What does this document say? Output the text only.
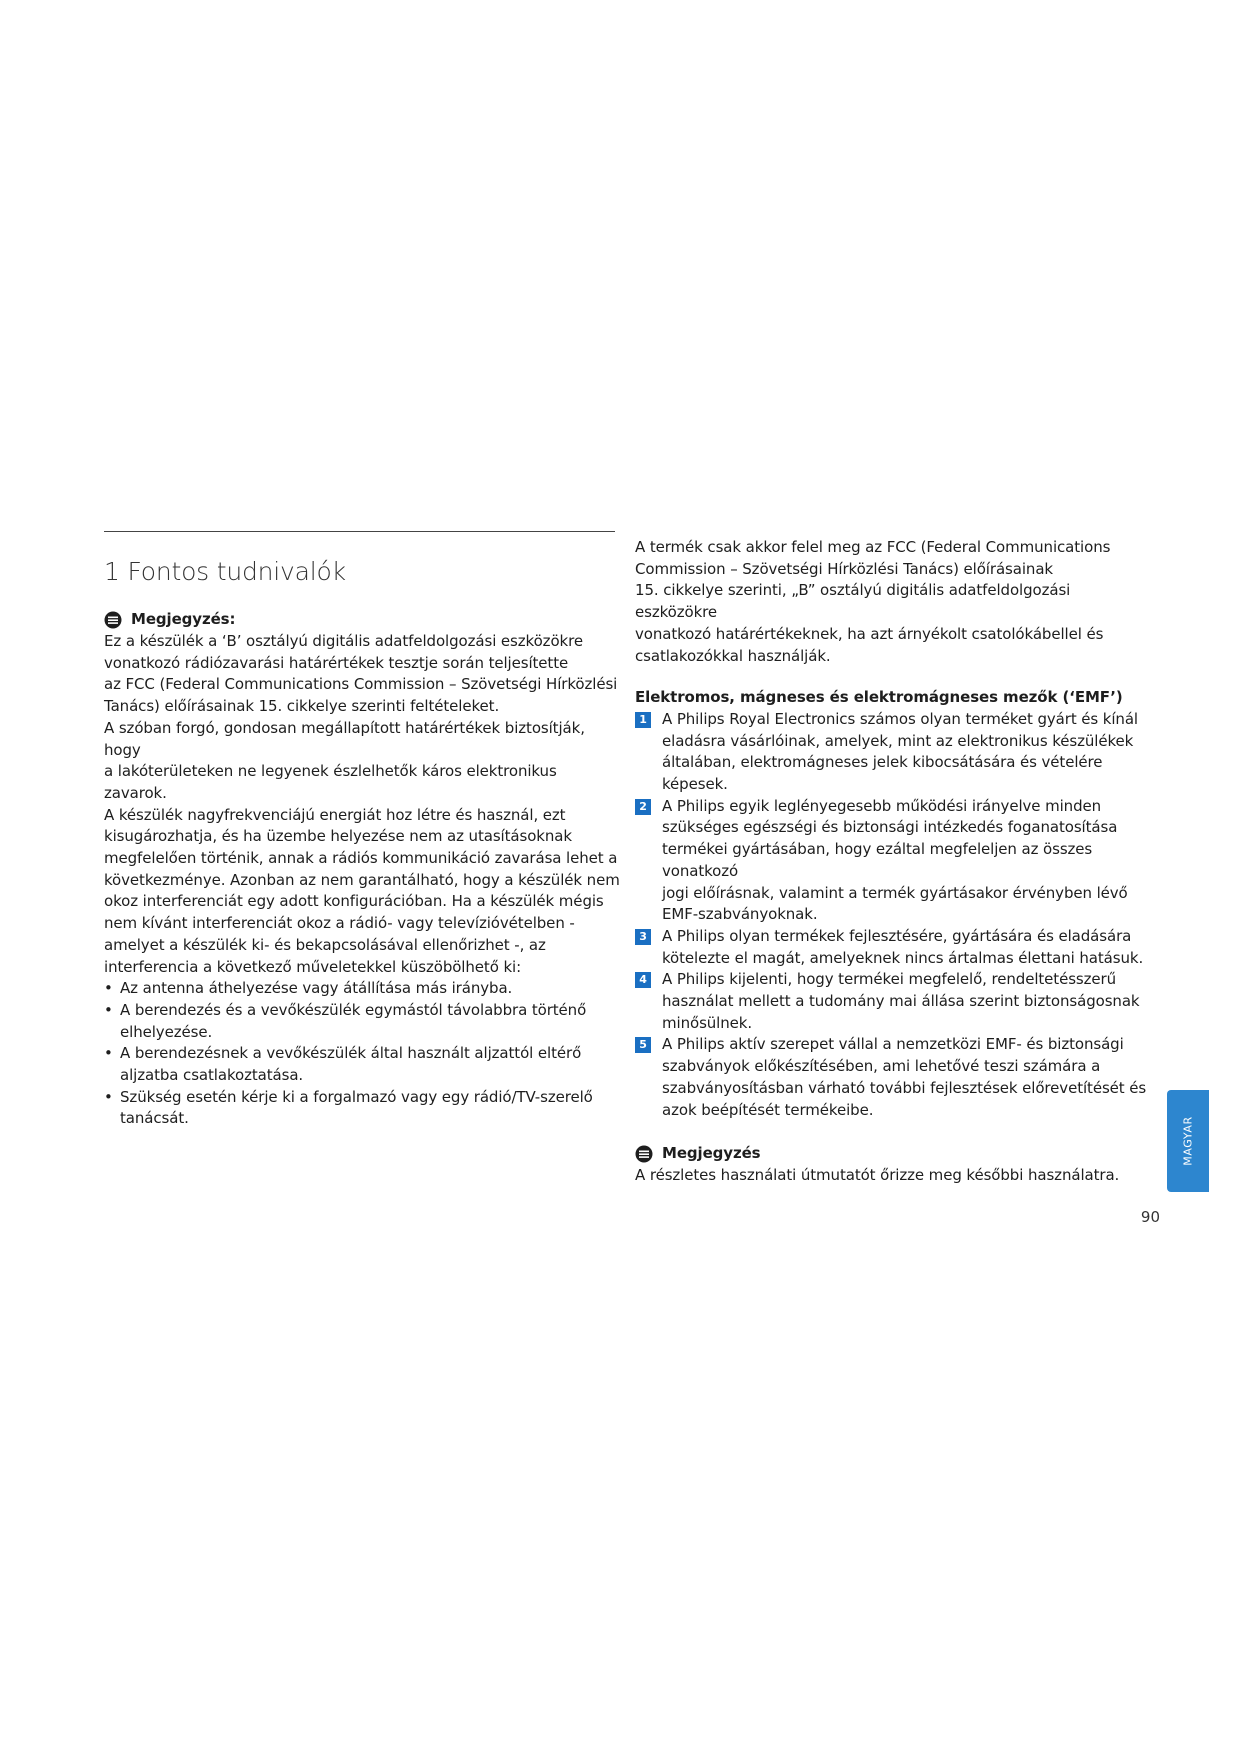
1 Fontos tudnivalók
Megjegyzés:

Ez a készülék a ‘B’ osztályú digitális adatfeldolgozási eszközökre

vonatkozó rádiózavarási határértékek tesztje során teljesítette

az FCC (Federal Communications Commission – Szövetségi Hírközlési

Tanács) előírásainak 15. cikkelye szerinti feltételeket.

A szóban forgó, gondosan megállapított határértékek biztosítják, hogy

a lakóterületeken ne legyenek észlelhetők káros elektronikus zavarok.

A készülék nagyfrekvenciájú energiát hoz létre és használ, ezt

kisugározhatja, és ha üzembe helyezése nem az utasításoknak

megfelelően történik, annak a rádiós kommunikáció zavarása lehet a

következménye. Azonban az nem garantálható, hogy a készülék nem

okoz interferenciát egy adott konfigurációban. Ha a készülék mégis

nem kívánt interferenciát okoz a rádió- vagy televízióvételben -

amelyet a készülék ki- és bekapcsolásával ellenőrizhet -, az

interferencia a következő műveletekkel küszöbölhető ki:

• Az antenna áthelyezése vagy átállítása más irányba.

• A berendezés és a vevőkészülék egymástól távolabbra történő

elhelyezése.

• A berendezésnek a vevőkészülék által használt aljzattól eltérő

aljzatba csatlakoztatása.

• Szükség esetén kérje ki a forgalmazó vagy egy rádió/TV-szerelő

tanácsát.

A termék csak akkor felel meg az FCC (Federal Communications

Commission – Szövetségi Hírközlési Tanács) előírásainak

15. cikkelye szerinti, „B” osztályú digitális adatfeldolgozási eszközökre

vonatkozó határértékeknek, ha azt árnyékolt csatolókábellel és

csatlakozókkal használják.

Elektromos, mágneses és elektromágneses mezők (‘EMF’)

1 A Philips Royal Electronics számos olyan terméket gyárt és kínál

eladásra vásárlóinak, amelyek, mint az elektronikus készülékek

általában, elektromágneses jelek kibocsátására és vételére képesek.

2 A Philips egyik leglényegesebb működési irányelve minden

szükséges egészségi és biztonsági intézkedés foganatosítása

termékei gyártásában, hogy ezáltal megfeleljen az összes vonatkozó

jogi előírásnak, valamint a termék gyártásakor érvényben lévő

EMF-szabványoknak.

3 A Philips olyan termékek fejlesztésére, gyártására és eladására

kötelezte el magát, amelyeknek nincs ártalmas élettani hatásuk.

4 A Philips kijelenti, hogy termékei megfelelő, rendeltetésszerű

használat mellett a tudomány mai állása szerint biztonságosnak

minősülnek.

5 A Philips aktív szerepet vállal a nemzetközi EMF- és biztonsági

szabványok előkészítésében, ami lehetővé teszi számára a

szabványosításban várható további fejlesztések előrevetítését és

azok beépítését termékeibe.

Megjegyzés

A részletes használati útmutatót őrizze meg későbbi használatra.

MAGYAR
90
